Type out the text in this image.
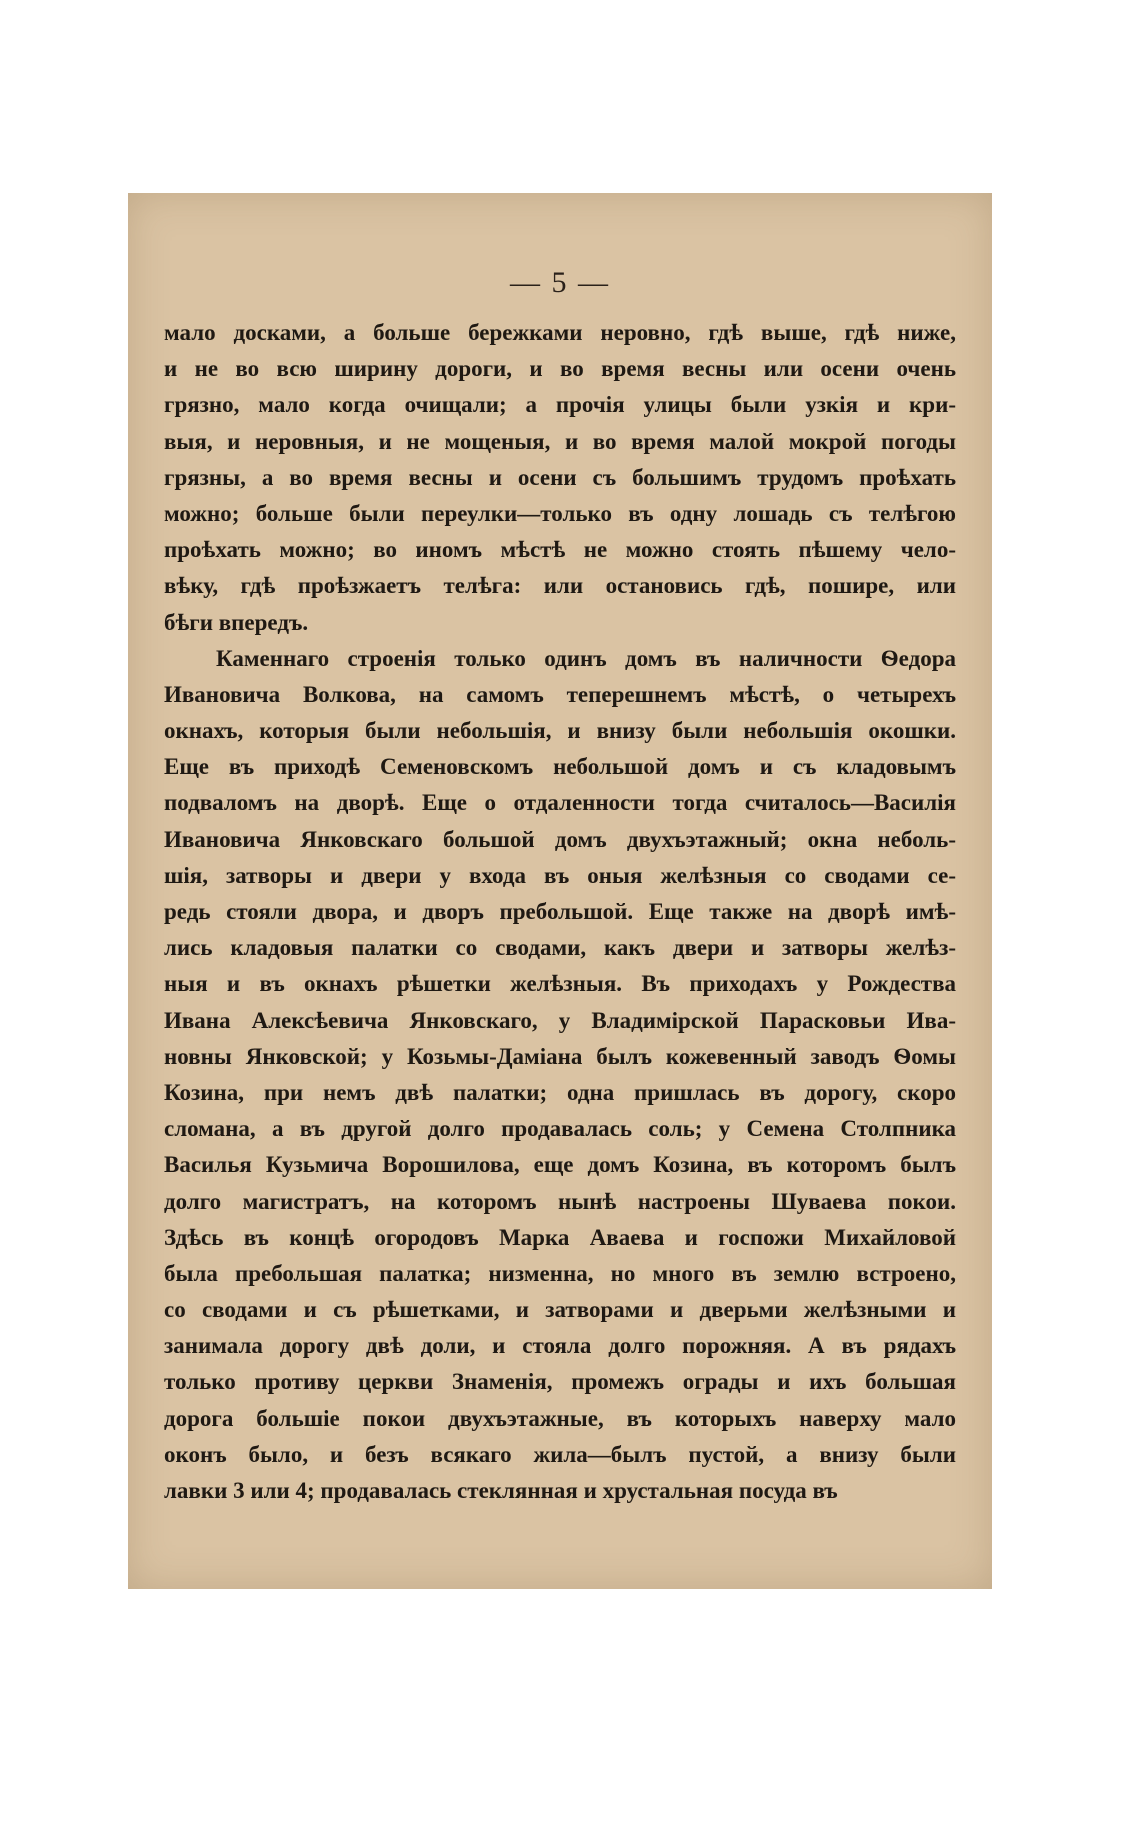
— 5 —
мало досками, а больше бережками неровно, гдѣ выше, гдѣ ниже,
и не во всю ширину дороги, и во время весны или осени очень
грязно, мало когда очищали; а прочія улицы были узкія и кри-
выя, и неровныя, и не мощеныя, и во время малой мокрой погоды
грязны, а во время весны и осени съ большимъ трудомъ проѣхать
можно; больше были переулки—только въ одну лошадь съ телѣгою
проѣхать можно; во иномъ мѣстѣ не можно стоять пѣшему чело-
вѣку, гдѣ проѣзжаетъ телѣга: или остановись гдѣ, пошире, или
бѣги впередъ.
Каменнаго строенія только одинъ домъ въ наличности Ѳедора
Ивановича Волкова, на самомъ теперешнемъ мѣстѣ, о четырехъ
окнахъ, которыя были небольшія, и внизу были небольшія окошки.
Еще въ приходѣ Семеновскомъ небольшой домъ и съ кладовымъ
подваломъ на дворѣ. Еще о отдаленности тогда считалось—Василія
Ивановича Янковскаго большой домъ двухъэтажный; окна неболь-
шія, затворы и двери у входа въ оныя желѣзныя со сводами се-
редь стояли двора, и дворъ пребольшой. Еще также на дворѣ имѣ-
лись кладовыя палатки со сводами, какъ двери и затворы желѣз-
ныя и въ окнахъ рѣшетки желѣзныя. Въ приходахъ у Рождества
Ивана Алексѣевича Янковскаго, у Владимірской Парасковьи Ива-
новны Янковской; у Козьмы-Даміана былъ кожевенный заводъ Ѳомы
Козина, при немъ двѣ палатки; одна пришлась въ дорогу, скоро
сломана, а въ другой долго продавалась соль; у Семена Столпника
Василья Кузьмича Ворошилова, еще домъ Козина, въ которомъ былъ
долго магистратъ, на которомъ нынѣ настроены Шуваева покои.
Здѣсь въ концѣ огородовъ Марка Аваева и госпожи Михайловой
была пребольшая палатка; низменна, но много въ землю встроено,
со сводами и съ рѣшетками, и затворами и дверьми желѣзными и
занимала дорогу двѣ доли, и стояла долго порожняя. А въ рядахъ
только противу церкви Знаменія, промежъ ограды и ихъ большая
дорога большіе покои двухъэтажные, въ которыхъ наверху мало
оконъ было, и безъ всякаго жила—былъ пустой, а внизу были
лавки 3 или 4; продавалась стеклянная и хрустальная посуда въ
